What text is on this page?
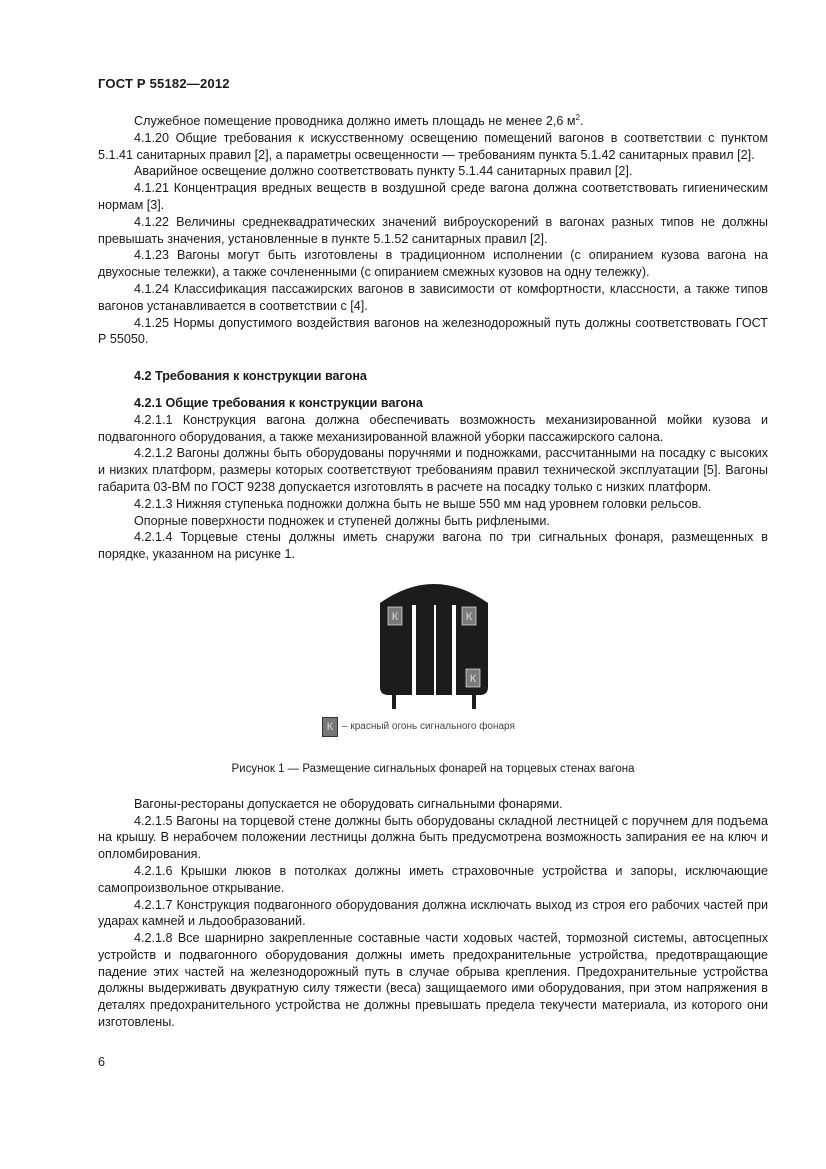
ГОСТ Р 55182—2012

Служебное помещение проводника должно иметь площадь не менее 2,6 $м^2$.

4.1.20 Общие требования к искусственному освещению помещений вагонов в соответствии с пунктом 5.1.41 санитарных правил [2], а параметры освещенности — требованиям пункта 5.1.42 санитарных правил [2].

Аварийное освещение должно соответствовать пункту 5.1.44 санитарных правил [2].

4.1.21 Концентрация вредных веществ в воздушной среде вагона должна соответствовать гигиеническим нормам [3].

4.1.22 Величины среднеквадратических значений виброускорений в вагонах разных типов не должны превышать значения, установленные в пункте 5.1.52 санитарных правил [2].

4.1.23 Вагоны могут быть изготовлены в традиционном исполнении (с опиранием кузова вагона на двухосные тележки), а также сочлененными (с опиранием смежных кузовов на одну тележку).

4.1.24 Классификация пассажирских вагонов в зависимости от комфортности, классности, а также типов вагонов устанавливается в соответствии с [4].

4.1.25 Нормы допустимого воздействия вагонов на железнодорожный путь должны соответствовать ГОСТ Р 55050.

4.2 Требования к конструкции вагона
4.2.1 Общие требования к конструкции вагона

4.2.1.1 Конструкция вагона должна обеспечивать возможность механизированной мойки кузова и подвагонного оборудования, а также механизированной влажной уборки пассажирского салона.

4.2.1.2 Вагоны должны быть оборудованы поручнями и подножками, рассчитанными на посадку с высоких и низких платформ, размеры которых соответствуют требованиям правил технической эксплуатации [5]. Вагоны габарита 03-ВМ по ГОСТ 9238 допускается изготовлять в расчете на посадку только с низких платформ.

4.2.1.3 Нижняя ступенька подножки должна быть не выше 550 мм над уровнем головки рельсов.

Опорные поверхности подножек и ступеней должны быть рифлеными.

4.2.1.4 Торцевые стены должны иметь снаружи вагона по три сигнальных фонаря, размещенных в порядке, указанном на рисунке 1.

К	К
К
К – красный огонь сигнального фонаря
Рисунок 1 — Размещение сигнальных фонарей на торцевых стенах вагона

Вагоны-рестораны допускается не оборудовать сигнальными фонарями.

4.2.1.5 Вагоны на торцевой стене должны быть оборудованы складной лестницей с поручнем для подъема на крышу. В нерабочем положении лестницы должна быть предусмотрена возможность запирания ее на ключ и опломбирования.

4.2.1.6 Крышки люков в потолках должны иметь страховочные устройства и запоры, исключающие самопроизвольное открывание.

4.2.1.7 Конструкция подвагонного оборудования должна исключать выход из строя его рабочих частей при ударах камней и льдообразований.

4.2.1.8 Все шарнирно закрепленные составные части ходовых частей, тормозной системы, автосцепных устройств и подвагонного оборудования должны иметь предохранительные устройства, предотвращающие падение этих частей на железнодорожный путь в случае обрыва крепления. Предохранительные устройства должны выдерживать двукратную силу тяжести (веса) защищаемого ими оборудования, при этом напряжения в деталях предохранительного устройства не должны превышать предела текучести материала, из которого они изготовлены.

6
